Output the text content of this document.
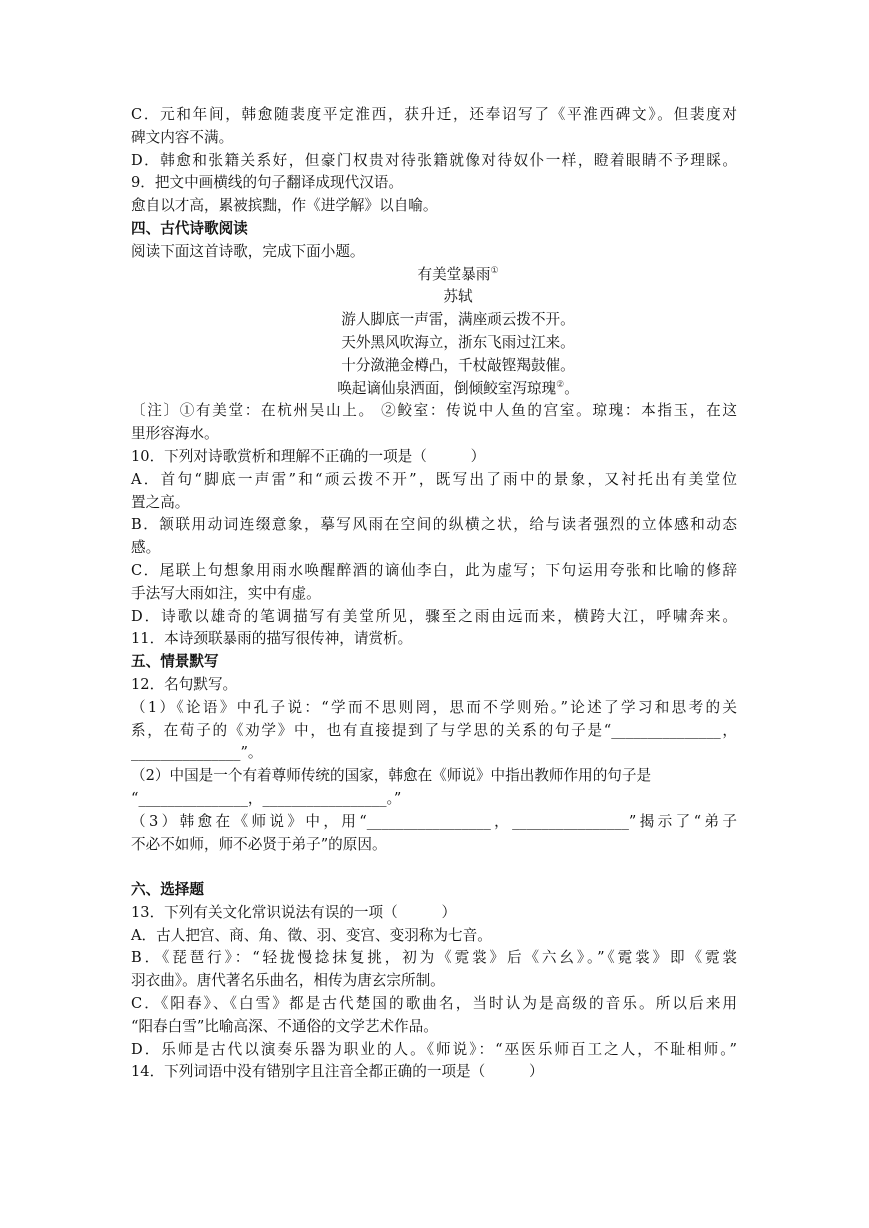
C．元和年间，韩愈随裴度平定淮西，获升迁，还奉诏写了《平淮西碑文》。但裴度对
碑文内容不满。
D．韩愈和张籍关系好，但豪门权贵对待张籍就像对待奴仆一样，瞪着眼睛不予理睬。
9．把文中画横线的句子翻译成现代汉语。
愈自以才高，累被摈黜，作《进学解》以自喻。
四、古代诗歌阅读
阅读下面这首诗歌，完成下面小题。
有美堂暴雨①
苏轼
游人脚底一声雷，满座顽云拨不开。
天外黑风吹海立，浙东飞雨过江来。
十分潋滟金樽凸，千杖敲铿羯鼓催。
唤起谪仙泉洒面，倒倾鲛室泻琼瑰②。
〔注〕①有美堂：在杭州吴山上。 ②鲛室：传说中人鱼的宫室。琼瑰：本指玉，在这
里形容海水。
10．下列对诗歌赏析和理解不正确的一项是（　　　）
A．首句“脚底一声雷”和“顽云拨不开”，既写出了雨中的景象，又衬托出有美堂位
置之高。
B．颔联用动词连缀意象，摹写风雨在空间的纵横之状，给与读者强烈的立体感和动态
感。
C．尾联上句想象用雨水唤醒醉酒的谪仙李白，此为虚写；下句运用夸张和比喻的修辞
手法写大雨如注，实中有虚。
D．诗歌以雄奇的笔调描写有美堂所见，骤至之雨由远而来，横跨大江，呼啸奔来。
11．本诗颈联暴雨的描写很传神，请赏析。
五、情景默写
12．名句默写。
（1）《论语》中孔子说：“学而不思则罔，思而不学则殆。”论述了学习和思考的关
系，在荀子的《劝学》中，也有直接提到了与学思的关系的句子是“_______________，
_______________”。
（2）中国是一个有着尊师传统的国家，韩愈在《师说》中指出教师作用的句子是
“_______________，_________________。”
（3）韩愈在《师说》中，用“_________________，________________”揭示了“弟子
不必不如师，师不必贤于弟子”的原因。
六、选择题
13．下列有关文化常识说法有误的一项（　　　）
A．古人把宫、商、角、徵、羽、变宫、变羽称为七音。
B．《琵琶行》：“轻拢慢捻抹复挑，初为《霓裳》后《六幺》。”《霓裳》即《霓裳
羽衣曲》。唐代著名乐曲名，相传为唐玄宗所制。
C．《阳春》、《白雪》都是古代楚国的歌曲名，当时认为是高级的音乐。所以后来用
“阳春白雪”比喻高深、不通俗的文学艺术作品。
D．乐师是古代以演奏乐器为职业的人。《师说》：“巫医乐师百工之人，不耻相师。”
14．下列词语中没有错别字且注音全都正确的一项是（　　　）
